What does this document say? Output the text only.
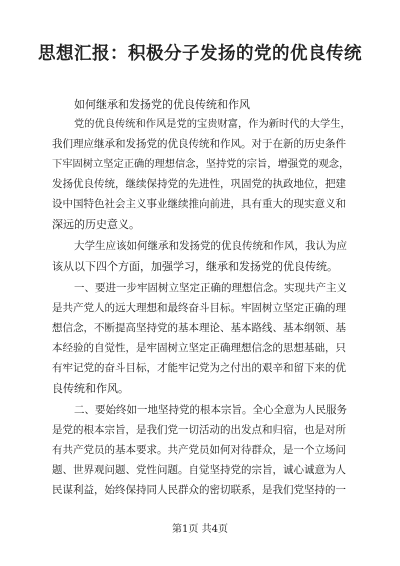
思想汇报：积极分子发扬的党的优良传统
如何继承和发扬党的优良传统和作风
党的优良传统和作风是党的宝贵财富，作为新时代的大学生，
我们理应继承和发扬党的优良传统和作风。对于在新的历史条件
下牢固树立坚定正确的理想信念，坚持党的宗旨，增强党的观念，
发扬优良传统，继续保持党的先进性，巩固党的执政地位，把建
设中国特色社会主义事业继续推向前进，具有重大的现实意义和
深远的历史意义。
大学生应该如何继承和发扬党的优良传统和作风，我认为应
该从以下四个方面，加强学习，继承和发扬党的优良传统。
一、要进一步牢固树立坚定正确的理想信念。实现共产主义
是共产党人的远大理想和最终奋斗目标。牢固树立坚定正确的理
想信念，不断提高坚持党的基本理论、基本路线、基本纲领、基
本经验的自觉性，是牢固树立坚定正确理想信念的思想基础，只
有牢记党的奋斗目标，才能牢记党为之付出的艰辛和留下来的优
良传统和作风。
二、要始终如一地坚持党的根本宗旨。全心全意为人民服务
是党的根本宗旨，是我们党一切活动的出发点和归宿，也是对所
有共产党员的基本要求。共产党员如何对待群众，是一个立场问
题、世界观问题、党性问题。自觉坚持党的宗旨，诚心诚意为人
民谋利益，始终保持同人民群众的密切联系，是我们党坚持的一
第1页 共4页
